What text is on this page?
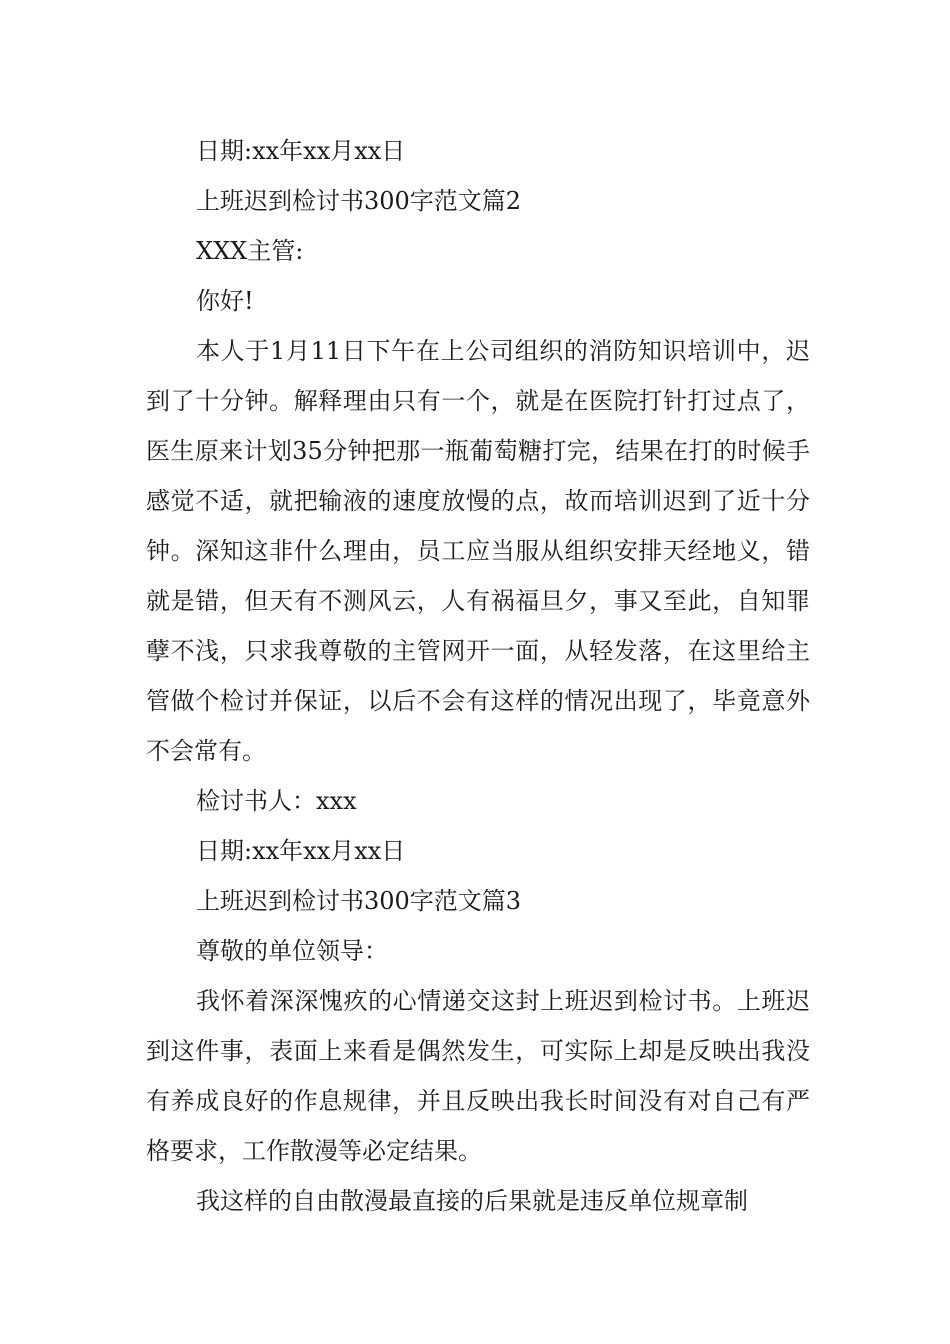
日期:xx年xx月xx日

上班迟到检讨书300字范文篇2

XXX主管:

你好!

本人于1月11日下午在上公司组织的消防知识培训中，迟到了十分钟。解释理由只有一个，就是在医院打针打过点了，医生原来计划35分钟把那一瓶葡萄糖打完，结果在打的时候手感觉不适，就把输液的速度放慢的点，故而培训迟到了近十分钟。深知这非什么理由，员工应当服从组织安排天经地义，错就是错，但天有不测风云，人有祸福旦夕，事又至此，自知罪孽不浅，只求我尊敬的主管网开一面，从轻发落，在这里给主管做个检讨并保证，以后不会有这样的情况出现了，毕竟意外不会常有。

检讨书人：xxx

日期:xx年xx月xx日

上班迟到检讨书300字范文篇3

尊敬的单位领导：

我怀着深深愧疚的心情递交这封上班迟到检讨书。上班迟到这件事，表面上来看是偶然发生，可实际上却是反映出我没有养成良好的作息规律，并且反映出我长时间没有对自己有严格要求，工作散漫等必定结果。

我这样的自由散漫最直接的后果就是违反单位规章制
